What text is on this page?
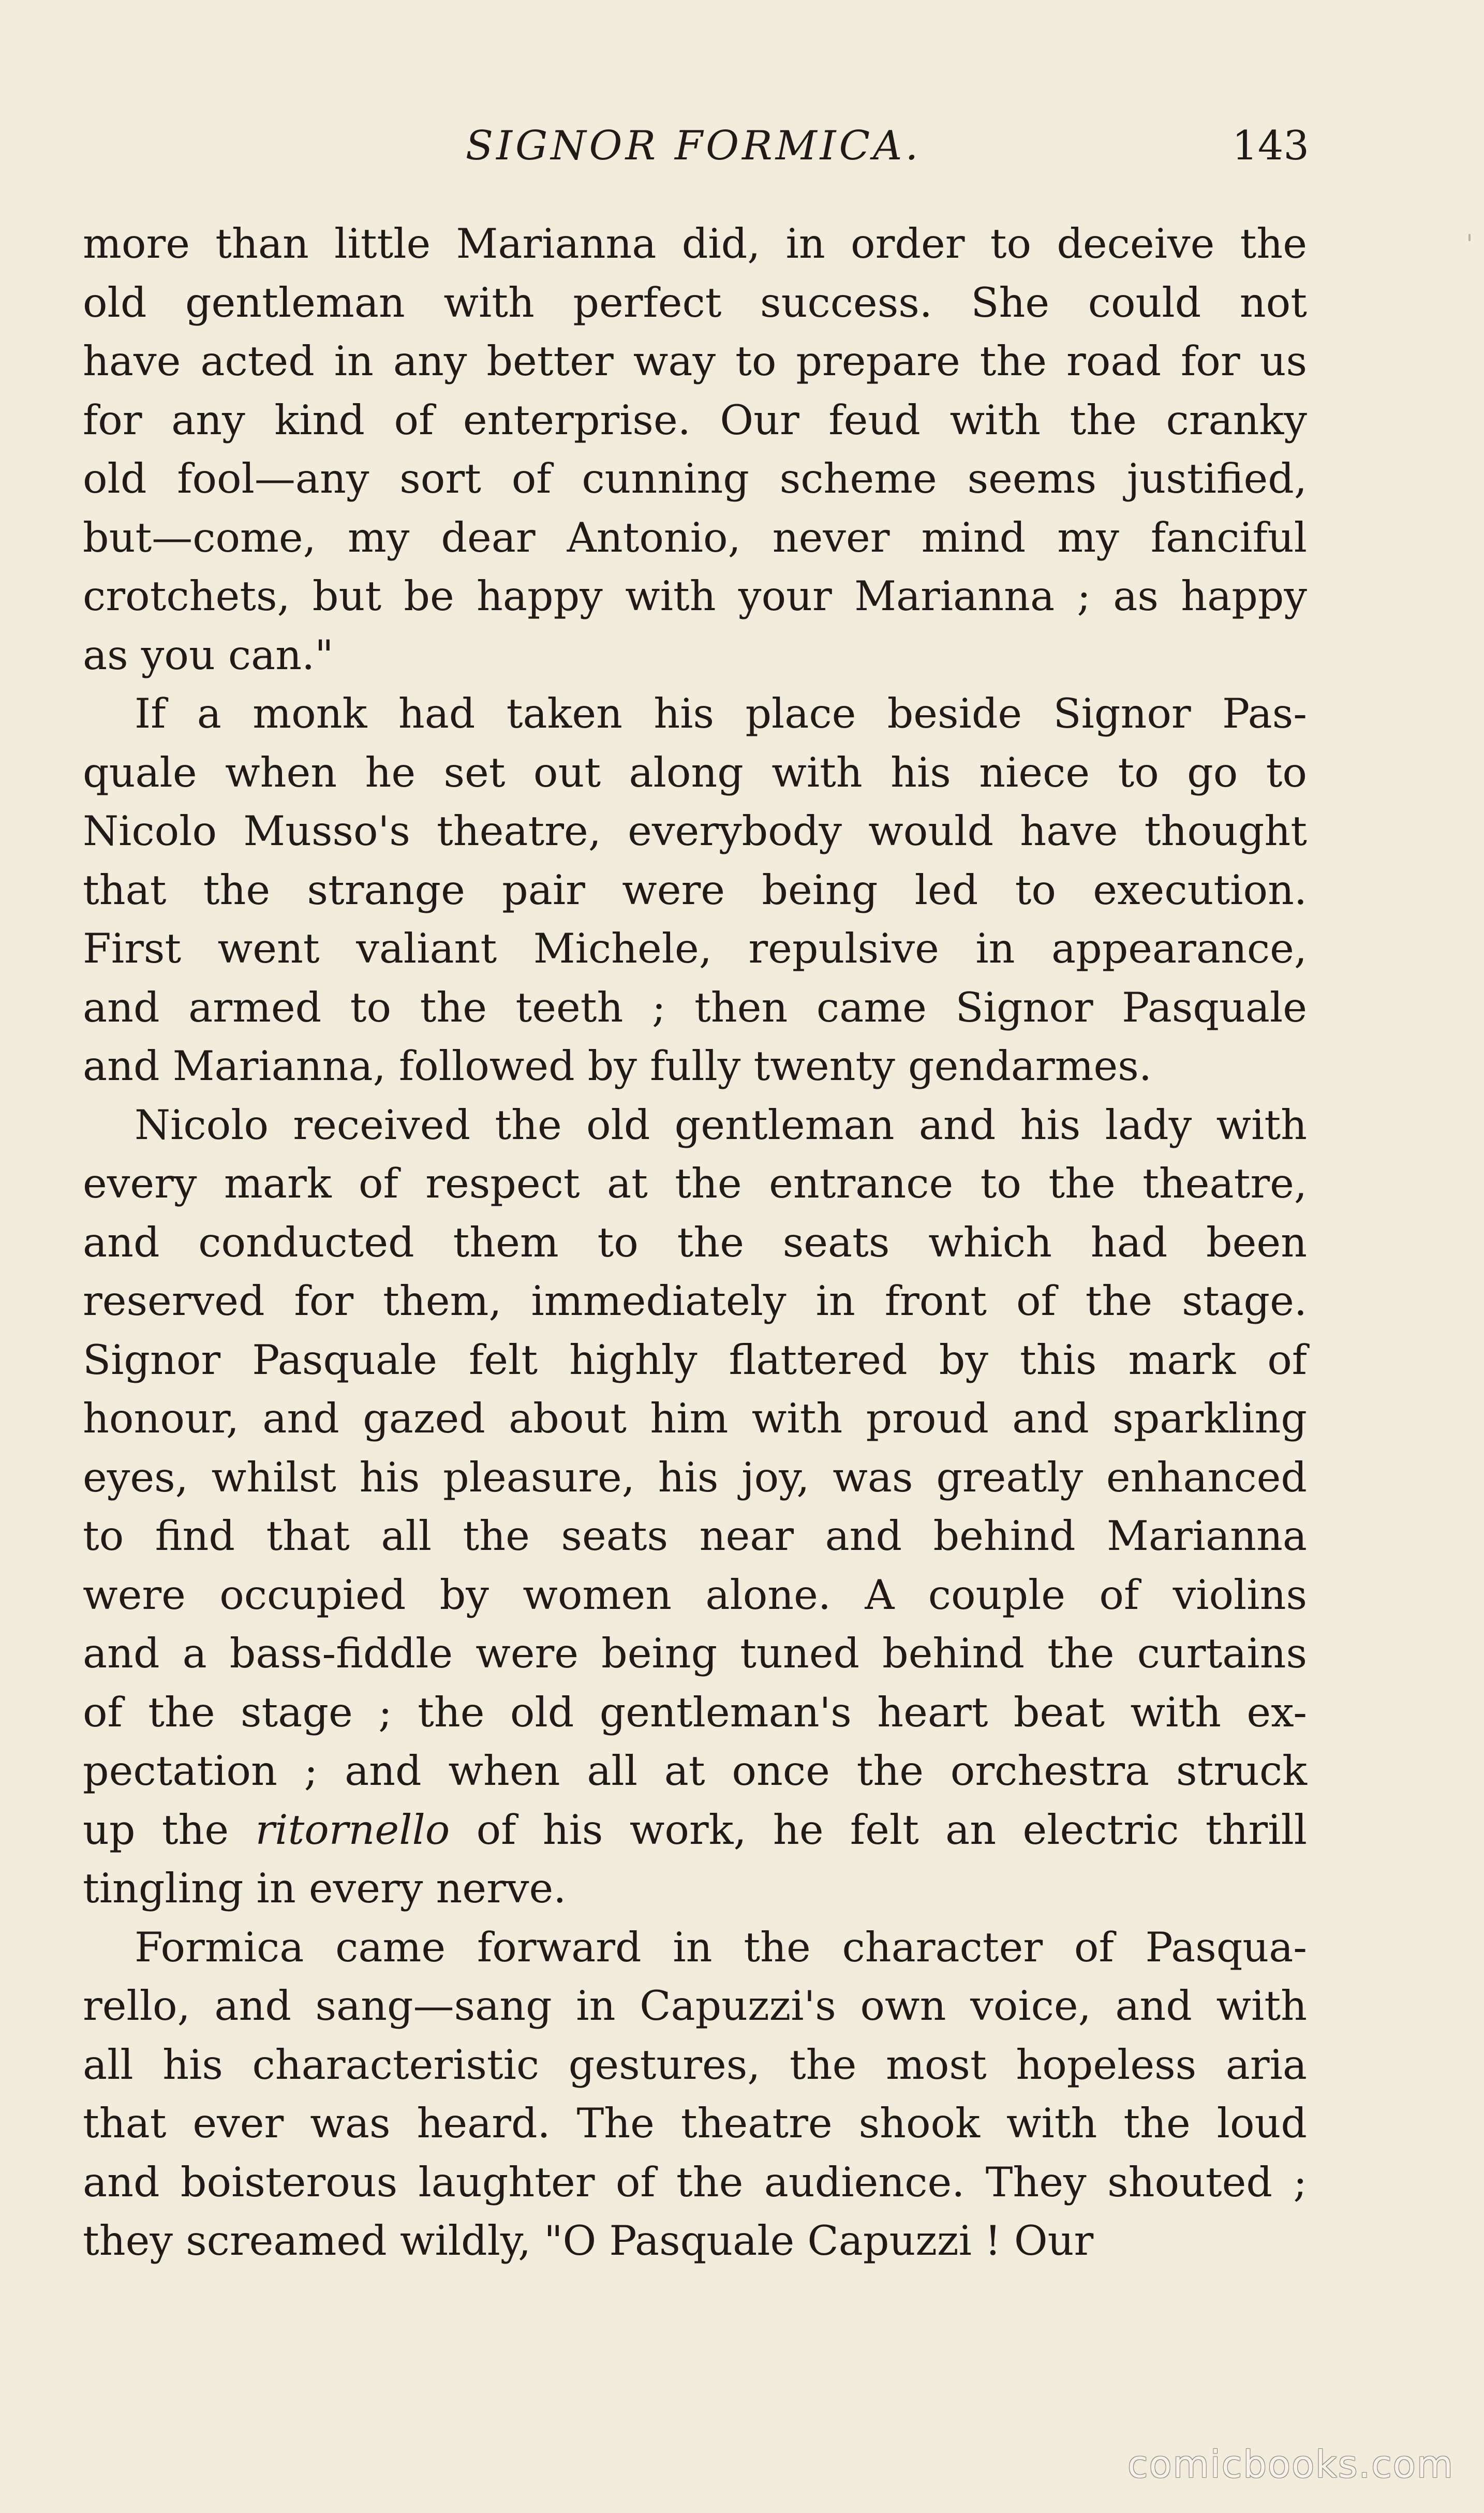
SIGNOR FORMICA.	143
more than little Marianna did, in order to deceive the
old gentleman with perfect success. She could not
have acted in any better way to prepare the road for us
for any kind of enterprise. Our feud with the cranky
old fool—any sort of cunning scheme seems justified,
but—come, my dear Antonio, never mind my fanciful
crotchets, but be happy with your Marianna ; as happy
as you can."
If a monk had taken his place beside Signor Pas-
quale when he set out along with his niece to go to
Nicolo Musso's theatre, everybody would have thought
that the strange pair were being led to execution.
First went valiant Michele, repulsive in appearance,
and armed to the teeth ; then came Signor Pasquale
and Marianna, followed by fully twenty gendarmes.
Nicolo received the old gentleman and his lady with
every mark of respect at the entrance to the theatre,
and conducted them to the seats which had been
reserved for them, immediately in front of the stage.
Signor Pasquale felt highly flattered by this mark of
honour, and gazed about him with proud and sparkling
eyes, whilst his pleasure, his joy, was greatly enhanced
to find that all the seats near and behind Marianna
were occupied by women alone. A couple of violins
and a bass-fiddle were being tuned behind the curtains
of the stage ; the old gentleman's heart beat with ex-
pectation ; and when all at once the orchestra struck
up the ritornello of his work, he felt an electric thrill
tingling in every nerve.
Formica came forward in the character of Pasqua-
rello, and sang—sang in Capuzzi's own voice, and with
all his characteristic gestures, the most hopeless aria
that ever was heard. The theatre shook with the loud
and boisterous laughter of the audience. They shouted ;
they screamed wildly, "O Pasquale Capuzzi ! Our
comicbooks.com
